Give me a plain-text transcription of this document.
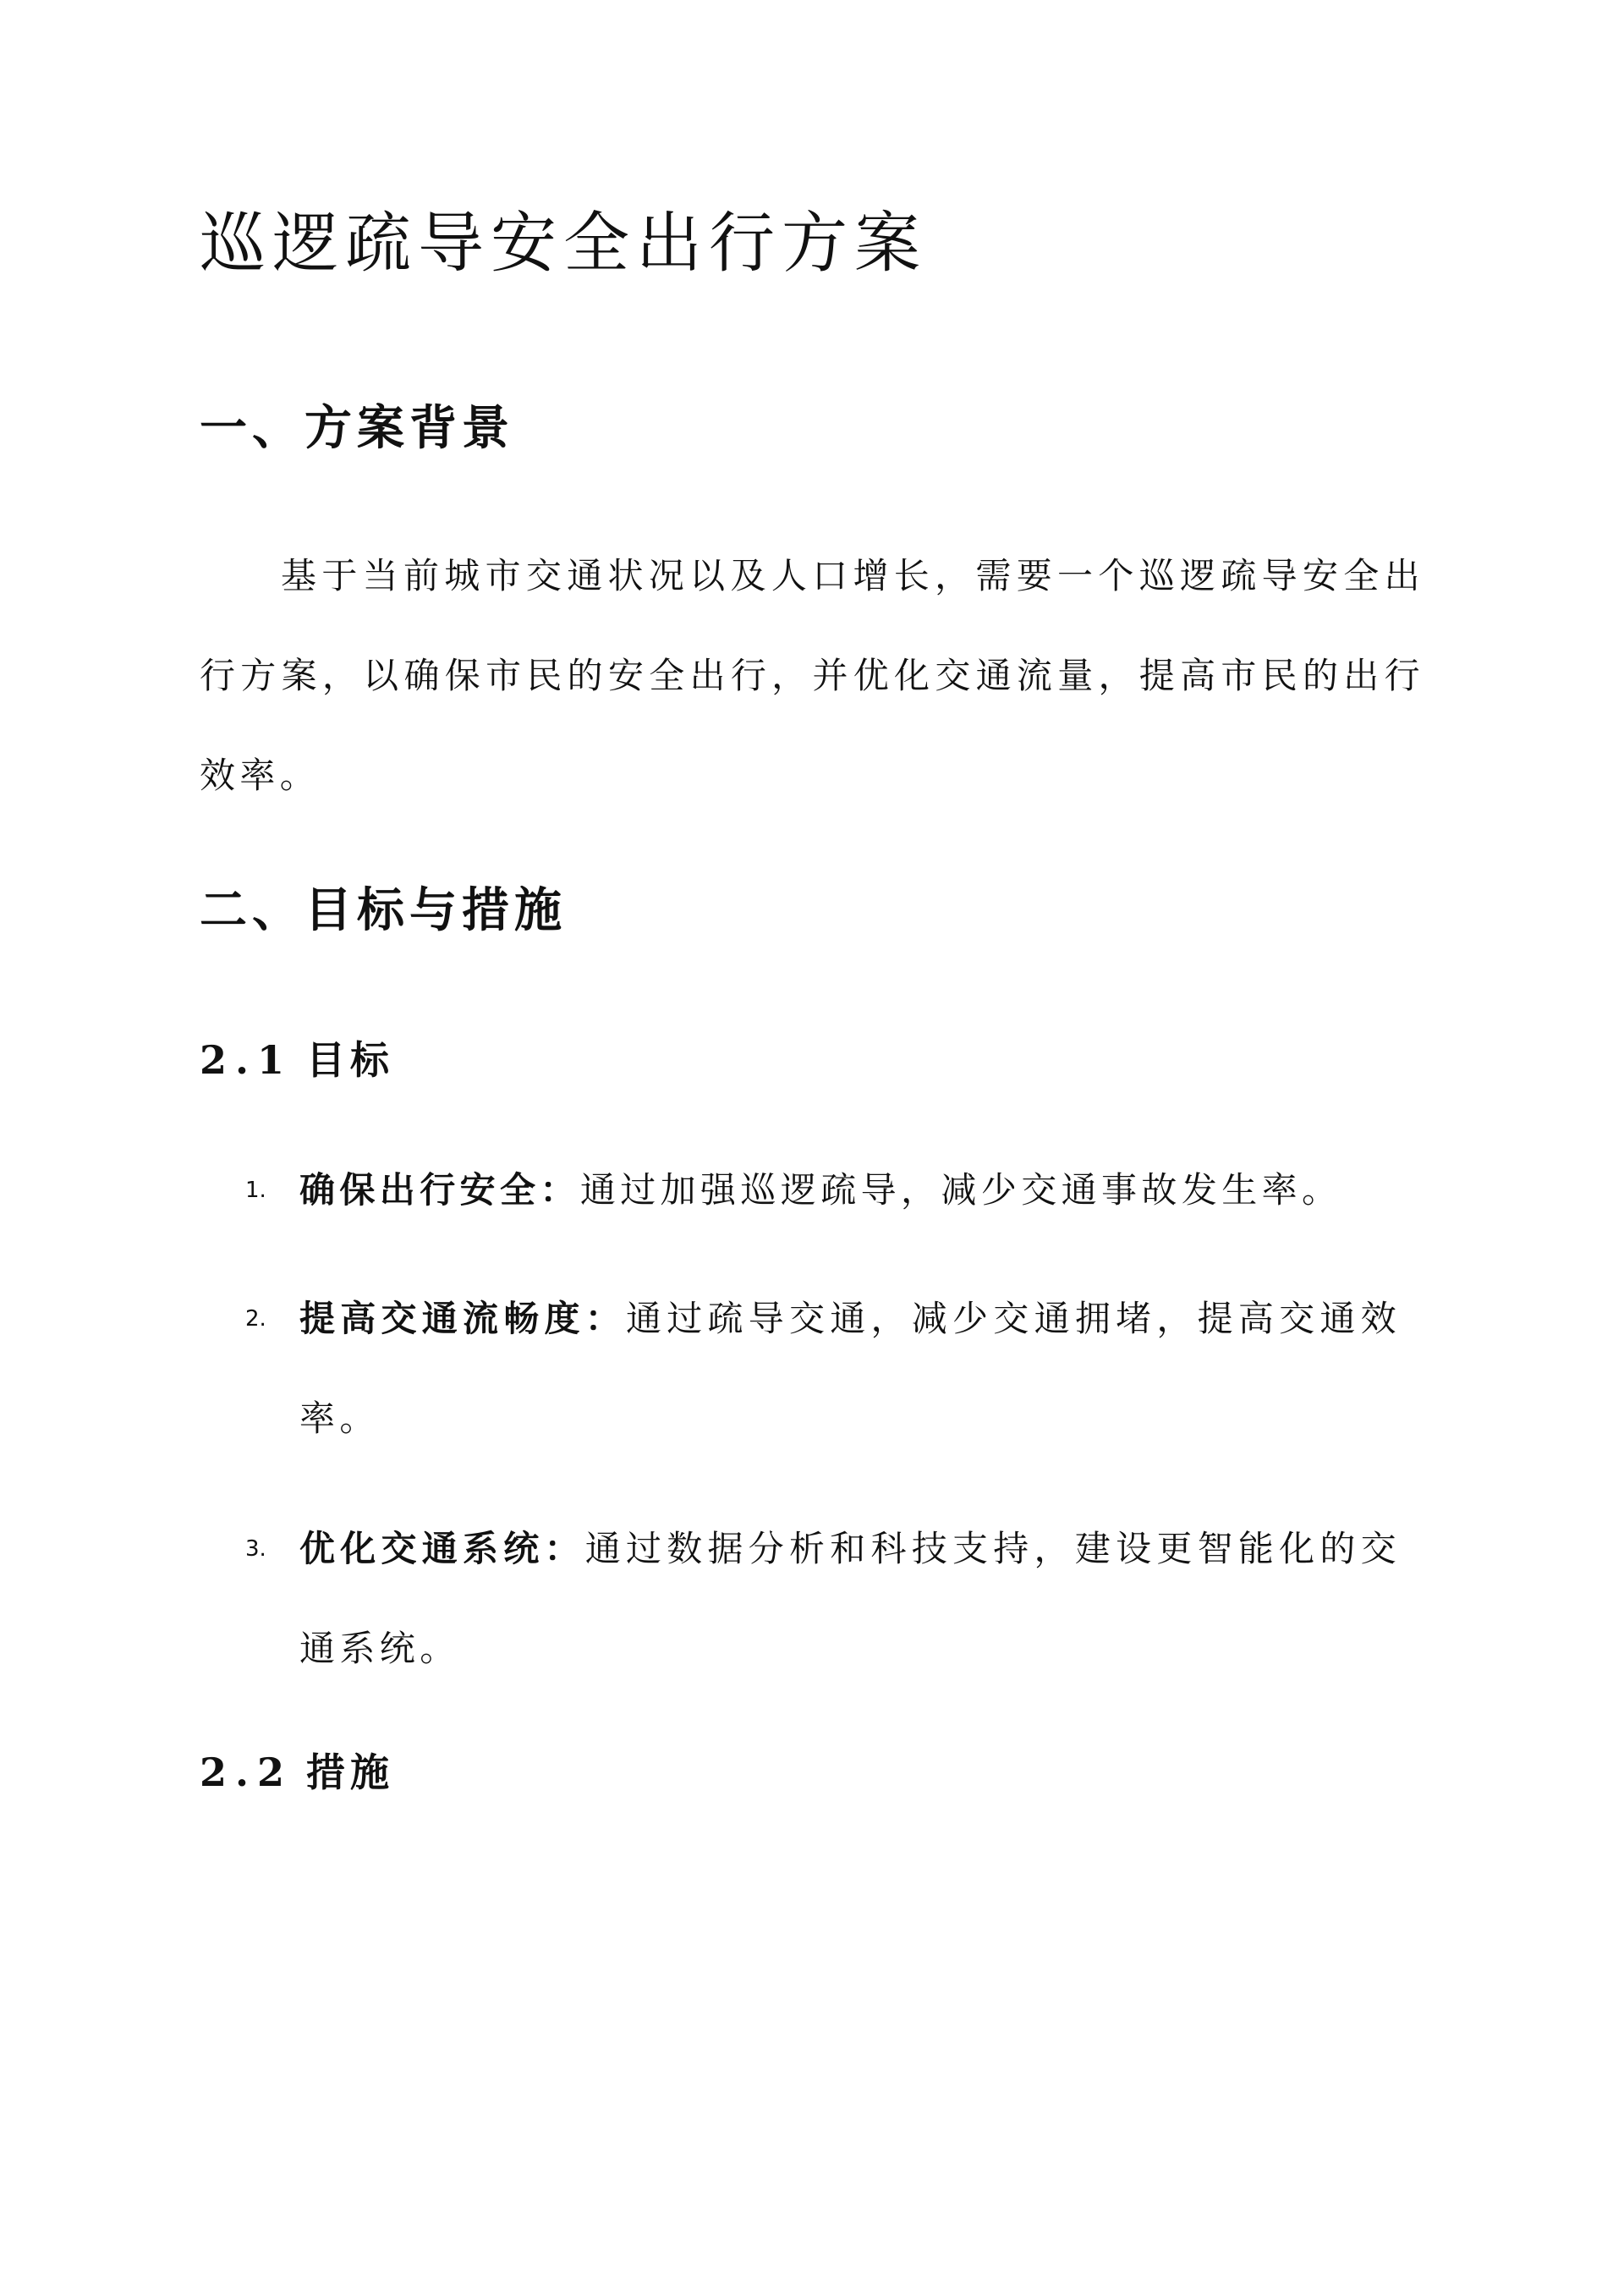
巡逻疏导安全出行方案
一、方案背景

基于当前城市交通状况以及人口增长，需要一个巡逻疏导安全出行方案，以确保市民的安全出行，并优化交通流量，提高市民的出行效率。

二、目标与措施
2.1 目标
1. 确保出行安全：通过加强巡逻疏导，减少交通事故发生率。

2. 提高交通流畅度：通过疏导交通，减少交通拥堵，提高交通效率。

3. 优化交通系统：通过数据分析和科技支持，建设更智能化的交通系统。

2.2 措施
